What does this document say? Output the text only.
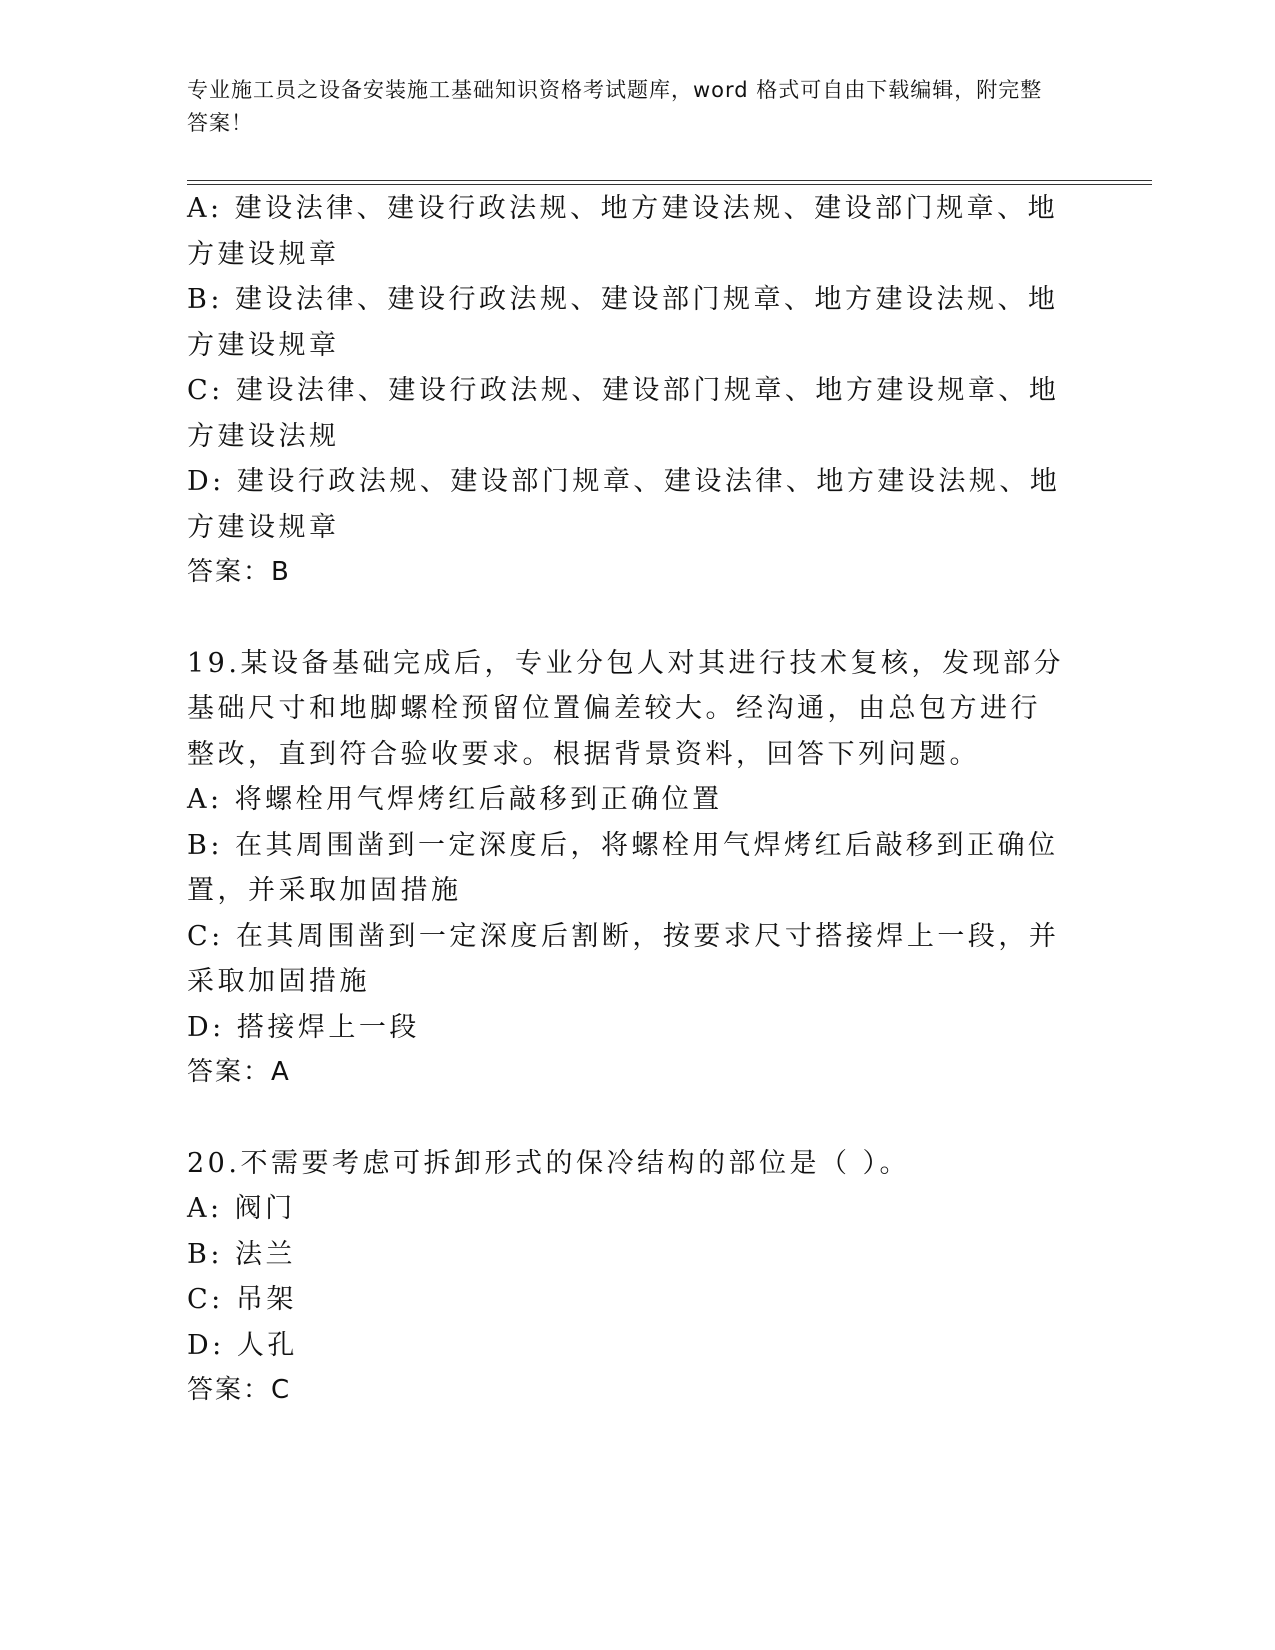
专业施工员之设备安装施工基础知识资格考试题库，word 格式可自由下载编辑，附完整答案！

A: 建设法律、建设行政法规、地方建设法规、建设部门规章、地方建设规章

B: 建设法律、建设行政法规、建设部门规章、地方建设法规、地方建设规章

C: 建设法律、建设行政法规、建设部门规章、地方建设规章、地方建设法规

D: 建设行政法规、建设部门规章、建设法律、地方建设法规、地方建设规章

答案：B

19.某设备基础完成后，专业分包人对其进行技术复核，发现部分基础尺寸和地脚螺栓预留位置偏差较大。经沟通，由总包方进行整改，直到符合验收要求。根据背景资料，回答下列问题。

A: 将螺栓用气焊烤红后敲移到正确位置

B: 在其周围凿到一定深度后，将螺栓用气焊烤红后敲移到正确位置，并采取加固措施

C: 在其周围凿到一定深度后割断，按要求尺寸搭接焊上一段，并采取加固措施

D: 搭接焊上一段

答案：A

20.不需要考虑可拆卸形式的保冷结构的部位是（ ）。

A: 阀门

B: 法兰

C: 吊架

D: 人孔

答案：C
